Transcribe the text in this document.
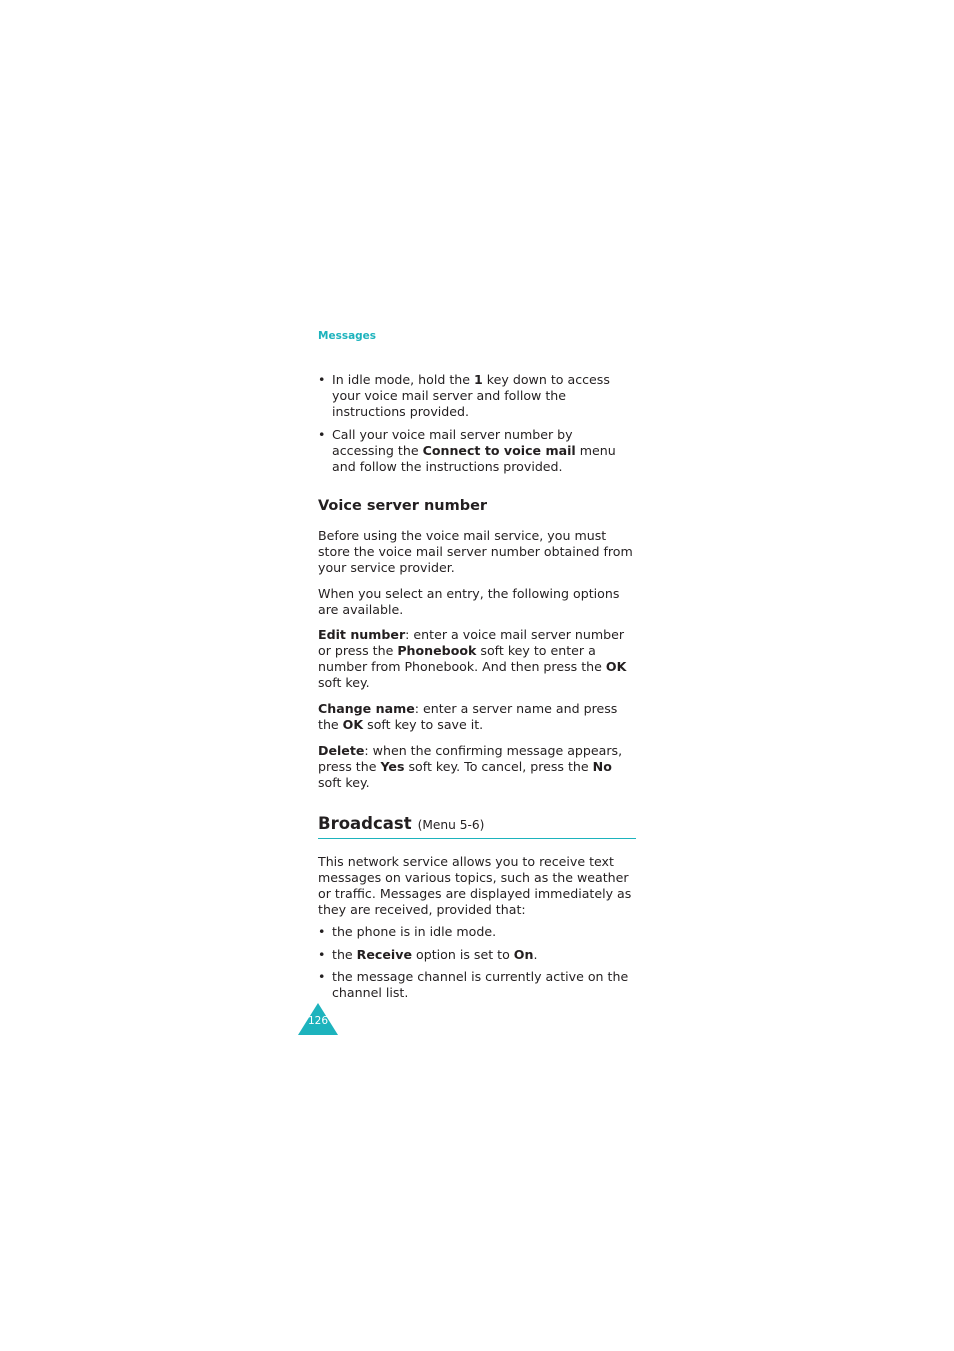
Messages
• In idle mode, hold the 1 key down to access your voice mail server and follow the instructions provided.
• Call your voice mail server number by accessing the Connect to voice mail menu and follow the instructions provided.
Voice server number

Before using the voice mail service, you must store the voice mail server number obtained from your service provider.

When you select an entry, the following options are available.

Edit number: enter a voice mail server number or press the Phonebook soft key to enter a number from Phonebook. And then press the OK soft key.

Change name: enter a server name and press the OK soft key to save it.

Delete: when the confirming message appears, press the Yes soft key. To cancel, press the No soft key.

Broadcast (Menu 5-6)

This network service allows you to receive text messages on various topics, such as the weather or traffic. Messages are displayed immediately as they are received, provided that:

• the phone is in idle mode.
• the Receive option is set to On.
• the message channel is currently active on the channel list.
126
